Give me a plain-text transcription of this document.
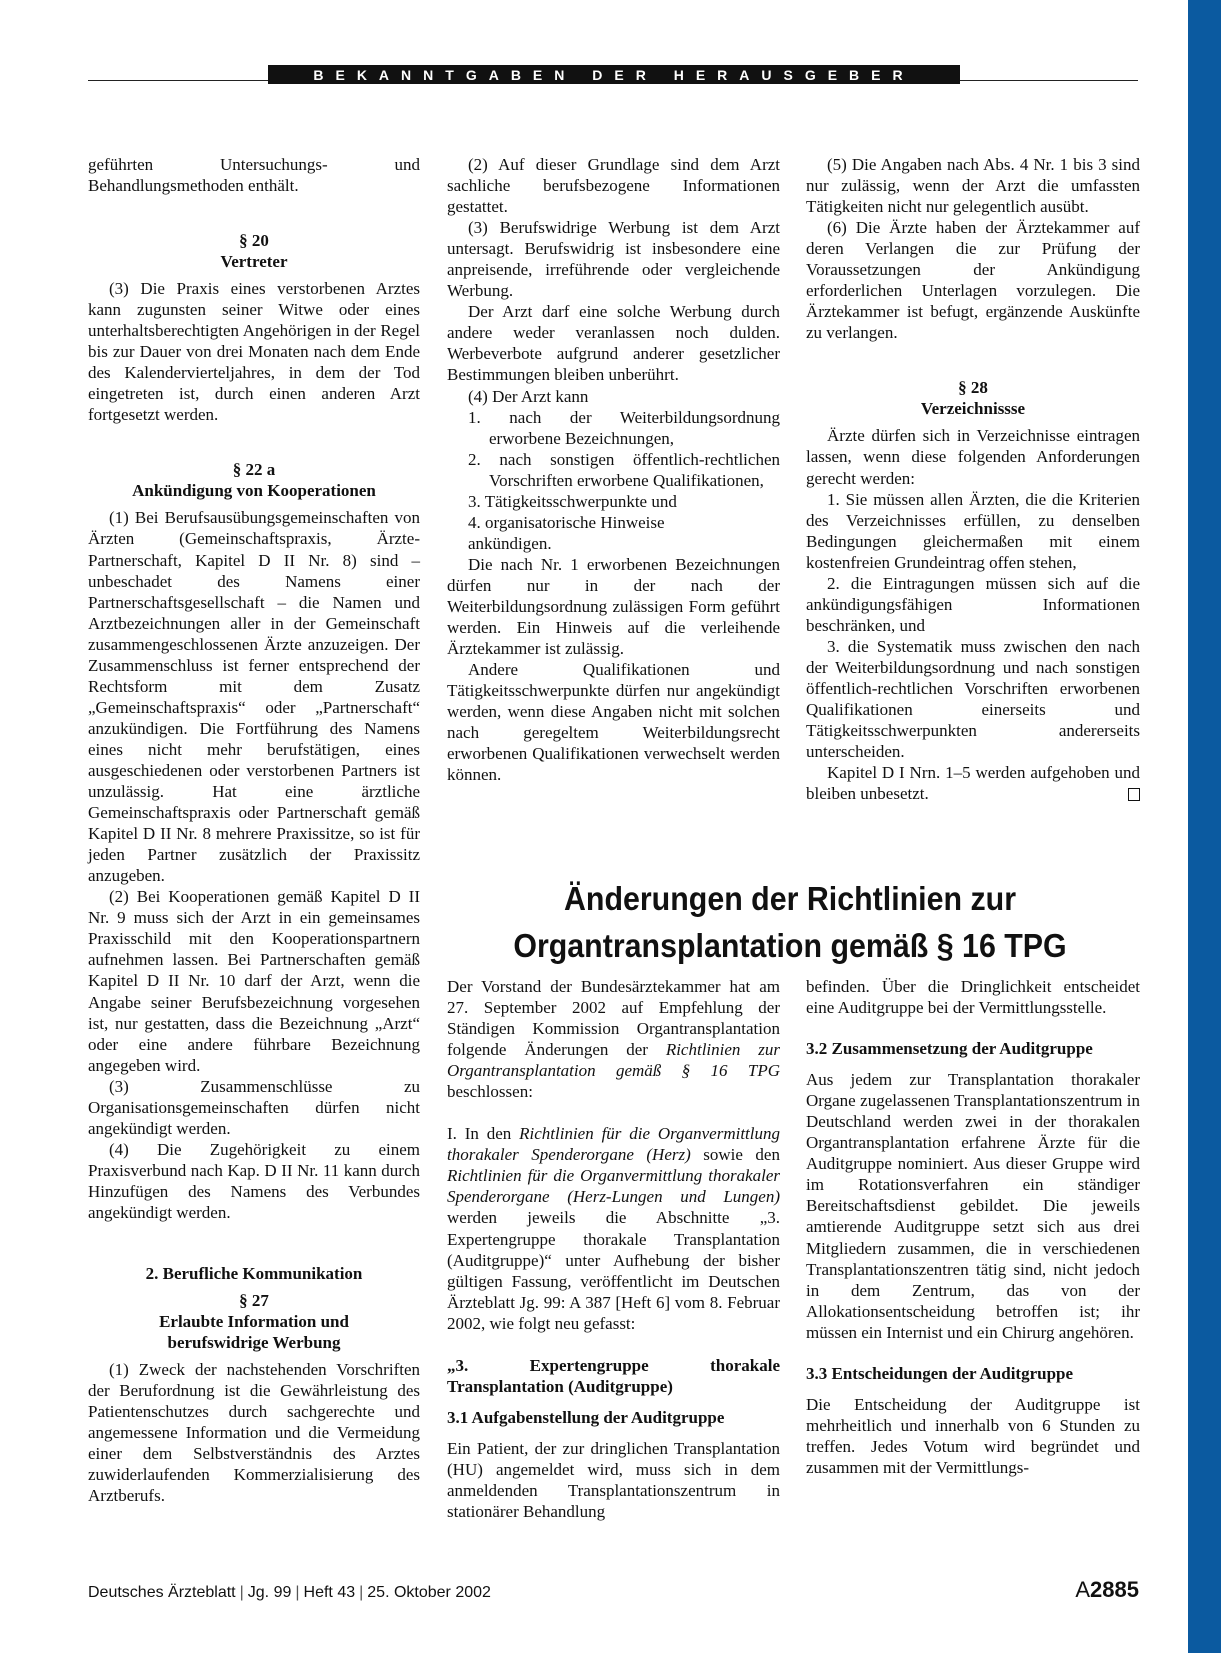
BEKANNTGABEN DER HERAUSGEBER

geführten Untersuchungs- und Behandlungsmethoden enthält.

§ 20
Vertreter

(3) Die Praxis eines verstorbenen Arztes kann zugunsten seiner Witwe oder eines unterhaltsberechtigten Angehörigen in der Regel bis zur Dauer von drei Monaten nach dem Ende des Kalendervierteljahres, in dem der Tod eingetreten ist, durch einen anderen Arzt fortgesetzt werden.

§ 22 a
Ankündigung von Kooperationen

(1) Bei Berufsausübungsgemeinschaften von Ärzten (Gemeinschaftspraxis, Ärzte-Partnerschaft, Kapitel D II Nr. 8) sind – unbeschadet des Namens einer Partnerschaftsgesellschaft – die Namen und Arztbezeichnungen aller in der Gemeinschaft zusammengeschlossenen Ärzte anzuzeigen. Der Zusammenschluss ist ferner entsprechend der Rechtsform mit dem Zusatz „Gemeinschaftspraxis“ oder „Partnerschaft“ anzukündigen. Die Fortführung des Namens eines nicht mehr berufstätigen, eines ausgeschiedenen oder verstorbenen Partners ist unzulässig. Hat eine ärztliche Gemeinschaftspraxis oder Partnerschaft gemäß Kapitel D II Nr. 8 mehrere Praxissitze, so ist für jeden Partner zusätzlich der Praxissitz anzugeben.

(2) Bei Kooperationen gemäß Kapitel D II Nr. 9 muss sich der Arzt in ein gemeinsames Praxisschild mit den Kooperationspartnern aufnehmen lassen. Bei Partnerschaften gemäß Kapitel D II Nr. 10 darf der Arzt, wenn die Angabe seiner Berufsbezeichnung vorgesehen ist, nur gestatten, dass die Bezeichnung „Arzt“ oder eine andere führbare Bezeichnung angegeben wird.

(3) Zusammenschlüsse zu Organisationsgemeinschaften dürfen nicht angekündigt werden.

(4) Die Zugehörigkeit zu einem Praxisverbund nach Kap. D II Nr. 11 kann durch Hinzufügen des Namens des Verbundes angekündigt werden.

2. Berufliche Kommunikation
§ 27
Erlaubte Information und
berufswidrige Werbung

(1) Zweck der nachstehenden Vorschriften der Berufordnung ist die Gewährleistung des Patientenschutzes durch sachgerechte und angemessene Information und die Vermeidung einer dem Selbstverständnis des Arztes zuwiderlaufenden Kommerzialisierung des Arztberufs.

(2) Auf dieser Grundlage sind dem Arzt sachliche berufsbezogene Informationen gestattet.

(3) Berufswidrige Werbung ist dem Arzt untersagt. Berufswidrig ist insbesondere eine anpreisende, irreführende oder vergleichende Werbung.

Der Arzt darf eine solche Werbung durch andere weder veranlassen noch dulden. Werbeverbote aufgrund anderer gesetzlicher Bestimmungen bleiben unberührt.

(4) Der Arzt kann

1. nach der Weiterbildungsordnung erworbene Bezeichnungen,

2. nach sonstigen öffentlich-rechtlichen Vorschriften erworbene Qualifikationen,

3. Tätigkeitsschwerpunkte und

4. organisatorische Hinweise

ankündigen.

Die nach Nr. 1 erworbenen Bezeichnungen dürfen nur in der nach der Weiterbildungsordnung zulässigen Form geführt werden. Ein Hinweis auf die verleihende Ärztekammer ist zulässig.

Andere Qualifikationen und Tätigkeitsschwerpunkte dürfen nur angekündigt werden, wenn diese Angaben nicht mit solchen nach geregeltem Weiterbildungsrecht erworbenen Qualifikationen verwechselt werden können.

(5) Die Angaben nach Abs. 4 Nr. 1 bis 3 sind nur zulässig, wenn der Arzt die umfassten Tätigkeiten nicht nur gelegentlich ausübt.

(6) Die Ärzte haben der Ärztekammer auf deren Verlangen die zur Prüfung der Voraussetzungen der Ankündigung erforderlichen Unterlagen vorzulegen. Die Ärztekammer ist befugt, ergänzende Auskünfte zu verlangen.

§ 28
Verzeichnissse

Ärzte dürfen sich in Verzeichnisse eintragen lassen, wenn diese folgenden Anforderungen gerecht werden:

1. Sie müssen allen Ärzten, die die Kriterien des Verzeichnisses erfüllen, zu denselben Bedingungen gleichermaßen mit einem kostenfreien Grundeintrag offen stehen,

2. die Eintragungen müssen sich auf die ankündigungsfähigen Informationen beschränken, und

3. die Systematik muss zwischen den nach der Weiterbildungsordnung und nach sonstigen öffentlich-rechtlichen Vorschriften erworbenen Qualifikationen einerseits und Tätigkeitsschwerpunkten andererseits unterscheiden.

Kapitel D I Nrn. 1–5 werden aufgehoben und bleiben unbesetzt.

Änderungen der Richtlinien zur
Organtransplantation gemäß § 16 TPG

Der Vorstand der Bundesärztekammer hat am 27. September 2002 auf Empfehlung der Ständigen Kommission Organtransplantation folgende Änderungen der Richtlinien zur Organtransplantation gemäß § 16 TPG beschlossen:

I. In den Richtlinien für die Organvermittlung thorakaler Spenderorgane (Herz) sowie den Richtlinien für die Organvermittlung thorakaler Spenderorgane (Herz-Lungen und Lungen) werden jeweils die Abschnitte „3. Expertengruppe thorakale Transplantation (Auditgruppe)“ unter Aufhebung der bisher gültigen Fassung, veröffentlicht im Deutschen Ärzteblatt Jg. 99: A 387 [Heft 6] vom 8. Februar 2002, wie folgt neu gefasst:

„3. Expertengruppe thorakale Transplantation (Auditgruppe)

3.1 Aufgabenstellung der Auditgruppe

Ein Patient, der zur dringlichen Transplantation (HU) angemeldet wird, muss sich in dem anmeldenden Transplantationszentrum in stationärer Behandlung

befinden. Über die Dringlichkeit entscheidet eine Auditgruppe bei der Vermittlungsstelle.

3.2 Zusammensetzung der Auditgruppe

Aus jedem zur Transplantation thorakaler Organe zugelassenen Transplantationszentrum in Deutschland werden zwei in der thorakalen Organtransplantation erfahrene Ärzte für die Auditgruppe nominiert. Aus dieser Gruppe wird im Rotationsverfahren ein ständiger Bereitschaftsdienst gebildet. Die jeweils amtierende Auditgruppe setzt sich aus drei Mitgliedern zusammen, die in verschiedenen Transplantationszentren tätig sind, nicht jedoch in dem Zentrum, das von der Allokationsentscheidung betroffen ist; ihr müssen ein Internist und ein Chirurg angehören.

3.3 Entscheidungen der Auditgruppe

Die Entscheidung der Auditgruppe ist mehrheitlich und innerhalb von 6 Stunden zu treffen. Jedes Votum wird begründet und zusammen mit der Vermittlungs-

Deutsches Ärzteblatt | Jg. 99 | Heft 43 | 25. Oktober 2002	A2885
